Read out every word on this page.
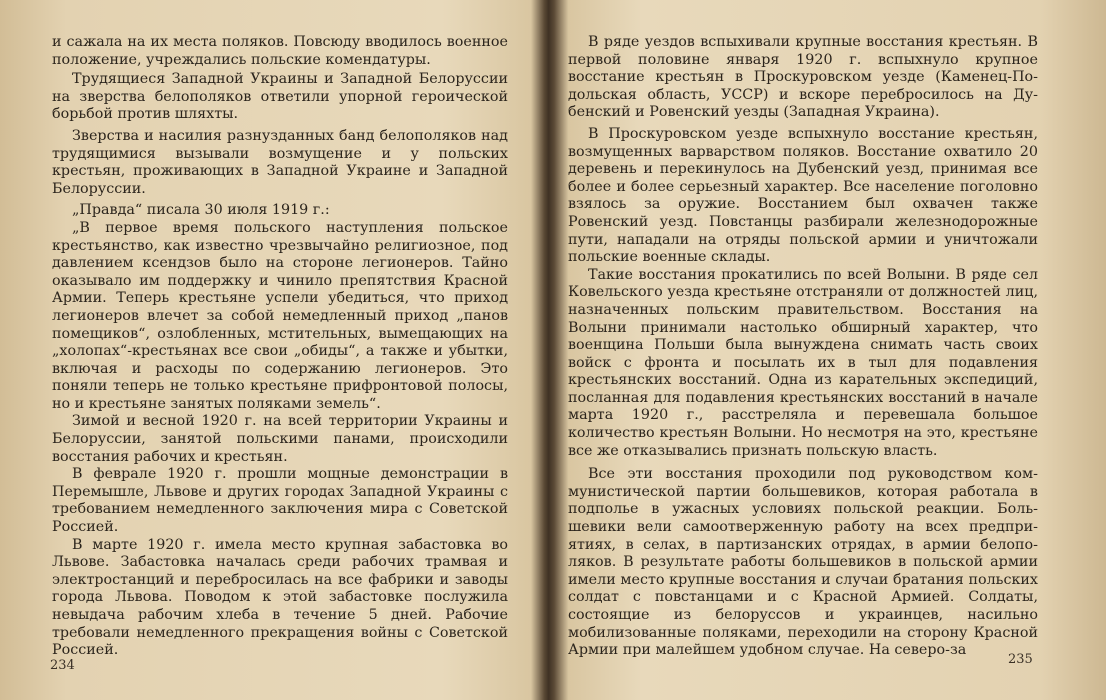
и сажала на их места поляков. Повсюду вводилось военное положение, учреждались польские комендатуры.

Трудящиеся Западной Украины и Западной Белоруссии на зверства белополяков ответили упорной героической борьбой против шляхты.

Зверства и насилия разнузданных банд белополяков над трудящимися вызывали возмущение и у польских крестьян, проживающих в Западной Украине и Западной Белоруссии.

„Правда“ писала 30 июля 1919 г.:

„В первое время польского наступления польское крестьянство, как известно чрезвычайно религиозное, под давлением ксендзов было на стороне легионеров. Тайно оказывало им поддержку и чинило препятствия Красной Армии. Теперь крестьяне успели убедиться, что приход легионеров влечет за собой немедленный приход „панов помещиков“, озлобленных, мстительных, вымещающих на „холопах“-крестьянах все свои „обиды“, а также и убытки, включая и расходы по содержанию легионеров. Это поняли теперь не только крестьяне прифронтовой полосы, но и крестьяне занятых поляками земель“.

Зимой и весной 1920 г. на всей территории Украины и Белоруссии, занятой польскими панами, происходили восстания рабочих и крестьян.

В феврале 1920 г. прошли мощные демонстрации в Перемышле, Львове и других городах Западной Украины с требованием немедленного заключения мира с Советской Россией.

В марте 1920 г. имела место крупная забастовка во Львове. Забастовка началась среди рабочих трамвая и электростанций и перебросилась на все фабрики и заводы города Львова. Поводом к этой забастовке послужила невыдача рабочим хлеба в течение 5 дней. Рабочие требовали немедленного прекращения войны с Советской Россией.

В ряде уездов вспыхивали крупные восстания крестьян. В первой половине января 1920 г. вспыхнуло крупное восстание крестьян в Проскуровском уезде (Каменец-Подольская область, УССР) и вскоре перебросилось на Дубенский и Ровенский уезды (Западная Украина).

В Проскуровском уезде вспыхнуло восстание крестьян, возмущенных варварством поляков. Восстание охватило 20 деревень и перекинулось на Дубенский уезд, принимая все более и более серьезный характер. Все население поголовно взялось за оружие. Восстанием был охвачен также Ровенский уезд. Повстанцы разбирали железнодорожные пути, нападали на отряды польской армии и уничтожали польские военные склады.

Такие восстания прокатились по всей Волыни. В ряде сел Ковельского уезда крестьяне отстраняли от должностей лиц, назначенных польским правительством. Восстания на Волыни принимали настолько обширный характер, что военщина Польши была вынуждена снимать часть своих войск с фронта и посылать их в тыл для подавления крестьянских восстаний. Одна из карательных экспедиций, посланная для подавления крестьянских восстаний в начале марта 1920 г., расстреляла и перевешала большое количество крестьян Волыни. Но несмотря на это, крестьяне все же отказывались признать польскую власть.

Все эти восстания проходили под руководством коммунистической партии большевиков, которая работала в подполье в ужасных условиях польской реакции. Большевики вели самоотверженную работу на всех предприятиях, в селах, в партизанских отрядах, в армии белополяков. В результате работы большевиков в польской армии имели место крупные восстания и случаи братания польских солдат с повстанцами и с Красной Армией. Солдаты, состоящие из белоруссов и украинцев, насильно мобилизованные поляками, переходили на сторону Красной Армии при малейшем удобном случае. На северо-за

234	235
